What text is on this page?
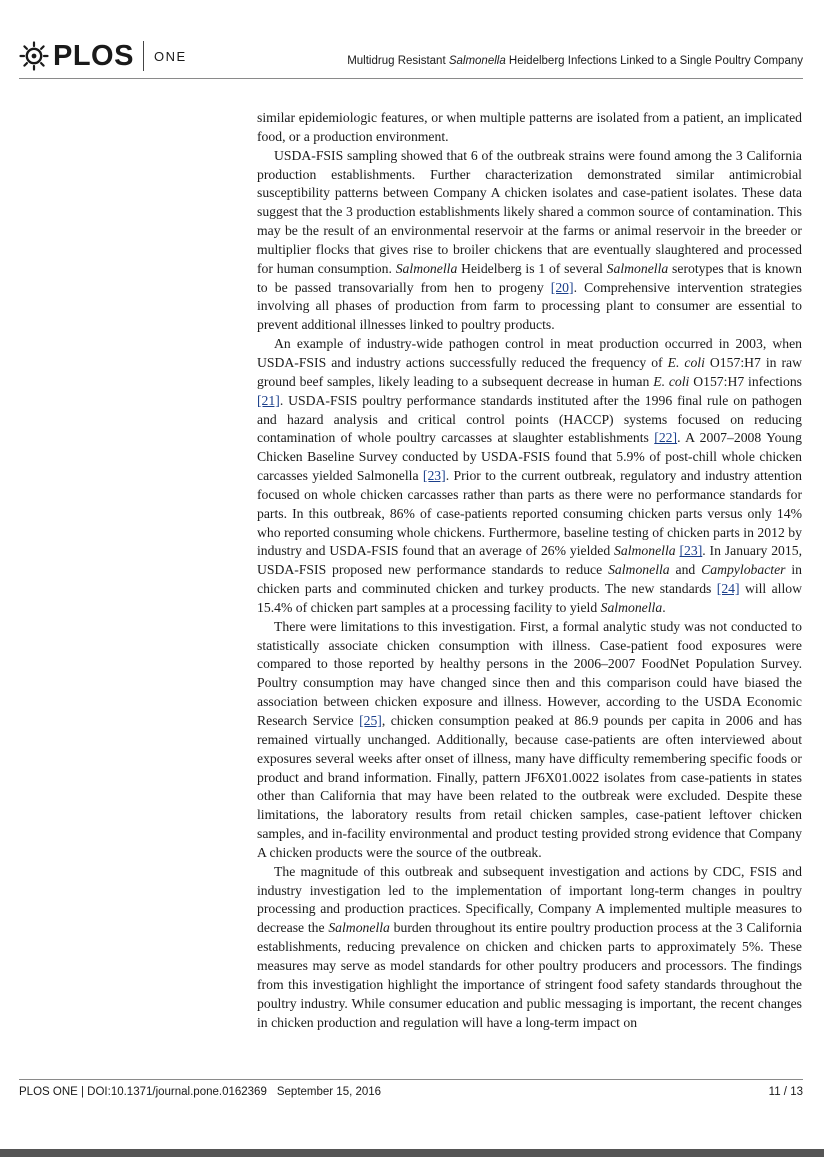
PLOS ONE	Multidrug Resistant Salmonella Heidelberg Infections Linked to a Single Poultry Company

similar epidemiologic features, or when multiple patterns are isolated from a patient, an implicated food, or a production environment.

USDA-FSIS sampling showed that 6 of the outbreak strains were found among the 3 California production establishments. Further characterization demonstrated similar antimicrobial susceptibility patterns between Company A chicken isolates and case-patient isolates. These data suggest that the 3 production establishments likely shared a common source of contamination. This may be the result of an environmental reservoir at the farms or animal reservoir in the breeder or multiplier flocks that gives rise to broiler chickens that are eventually slaughtered and processed for human consumption. Salmonella Heidelberg is 1 of several Salmonella serotypes that is known to be passed transovarially from hen to progeny [20]. Comprehensive intervention strategies involving all phases of production from farm to processing plant to consumer are essential to prevent additional illnesses linked to poultry products.

An example of industry-wide pathogen control in meat production occurred in 2003, when USDA-FSIS and industry actions successfully reduced the frequency of E. coli O157:H7 in raw ground beef samples, likely leading to a subsequent decrease in human E. coli O157:H7 infections [21]. USDA-FSIS poultry performance standards instituted after the 1996 final rule on pathogen and hazard analysis and critical control points (HACCP) systems focused on reducing contamination of whole poultry carcasses at slaughter establishments [22]. A 2007–2008 Young Chicken Baseline Survey conducted by USDA-FSIS found that 5.9% of post-chill whole chicken carcasses yielded Salmonella [23]. Prior to the current outbreak, regulatory and industry attention focused on whole chicken carcasses rather than parts as there were no performance standards for parts. In this outbreak, 86% of case-patients reported consuming chicken parts versus only 14% who reported consuming whole chickens. Furthermore, baseline testing of chicken parts in 2012 by industry and USDA-FSIS found that an average of 26% yielded Salmonella [23]. In January 2015, USDA-FSIS proposed new performance standards to reduce Salmonella and Campylobacter in chicken parts and comminuted chicken and turkey products. The new standards [24] will allow 15.4% of chicken part samples at a processing facility to yield Salmonella.

There were limitations to this investigation. First, a formal analytic study was not conducted to statistically associate chicken consumption with illness. Case-patient food exposures were compared to those reported by healthy persons in the 2006–2007 FoodNet Population Survey. Poultry consumption may have changed since then and this comparison could have biased the association between chicken exposure and illness. However, according to the USDA Economic Research Service [25], chicken consumption peaked at 86.9 pounds per capita in 2006 and has remained virtually unchanged. Additionally, because case-patients are often interviewed about exposures several weeks after onset of illness, many have difficulty remembering specific foods or product and brand information. Finally, pattern JF6X01.0022 isolates from case-patients in states other than California that may have been related to the outbreak were excluded. Despite these limitations, the laboratory results from retail chicken samples, case-patient leftover chicken samples, and in-facility environmental and product testing provided strong evidence that Company A chicken products were the source of the outbreak.

The magnitude of this outbreak and subsequent investigation and actions by CDC, FSIS and industry investigation led to the implementation of important long-term changes in poultry processing and production practices. Specifically, Company A implemented multiple measures to decrease the Salmonella burden throughout its entire poultry production process at the 3 California establishments, reducing prevalence on chicken and chicken parts to approximately 5%. These measures may serve as model standards for other poultry producers and processors. The findings from this investigation highlight the importance of stringent food safety standards throughout the poultry industry. While consumer education and public messaging is important, the recent changes in chicken production and regulation will have a long-term impact on

PLOS ONE | DOI:10.1371/journal.pone.0162369 September 15, 2016	11 / 13
